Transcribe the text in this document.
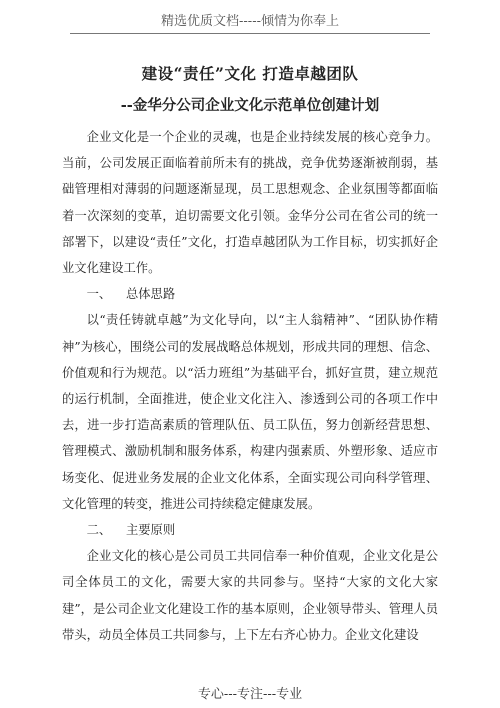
精选优质文档-----倾情为你奉上
建设“责任”文化 打造卓越团队
--金华分公司企业文化示范单位创建计划

企业文化是一个企业的灵魂，也是企业持续发展的核心竞争力。当前，公司发展正面临着前所未有的挑战，竞争优势逐渐被削弱，基础管理相对薄弱的问题逐渐显现，员工思想观念、企业氛围等都面临着一次深刻的变革，迫切需要文化引领。金华分公司在省公司的统一部署下，以建设“责任”文化，打造卓越团队为工作目标，切实抓好企业文化建设工作。

一、 总体思路

以“责任铸就卓越”为文化导向，以“主人翁精神”、“团队协作精神”为核心，围绕公司的发展战略总体规划，形成共同的理想、信念、价值观和行为规范。以“活力班组”为基础平台，抓好宣贯，建立规范的运行机制，全面推进，使企业文化注入、渗透到公司的各项工作中去，进一步打造高素质的管理队伍、员工队伍，努力创新经营思想、管理模式、激励机制和服务体系，构建内强素质、外塑形象、适应市场变化、促进业务发展的企业文化体系，全面实现公司向科学管理、文化管理的转变，推进公司持续稳定健康发展。

二、 主要原则

企业文化的核心是公司员工共同信奉一种价值观，企业文化是公司全体员工的文化，需要大家的共同参与。坚持“大家的文化大家建”，是公司企业文化建设工作的基本原则，企业领导带头、管理人员带头，动员全体员工共同参与，上下左右齐心协力。企业文化建设

专心---专注---专业
